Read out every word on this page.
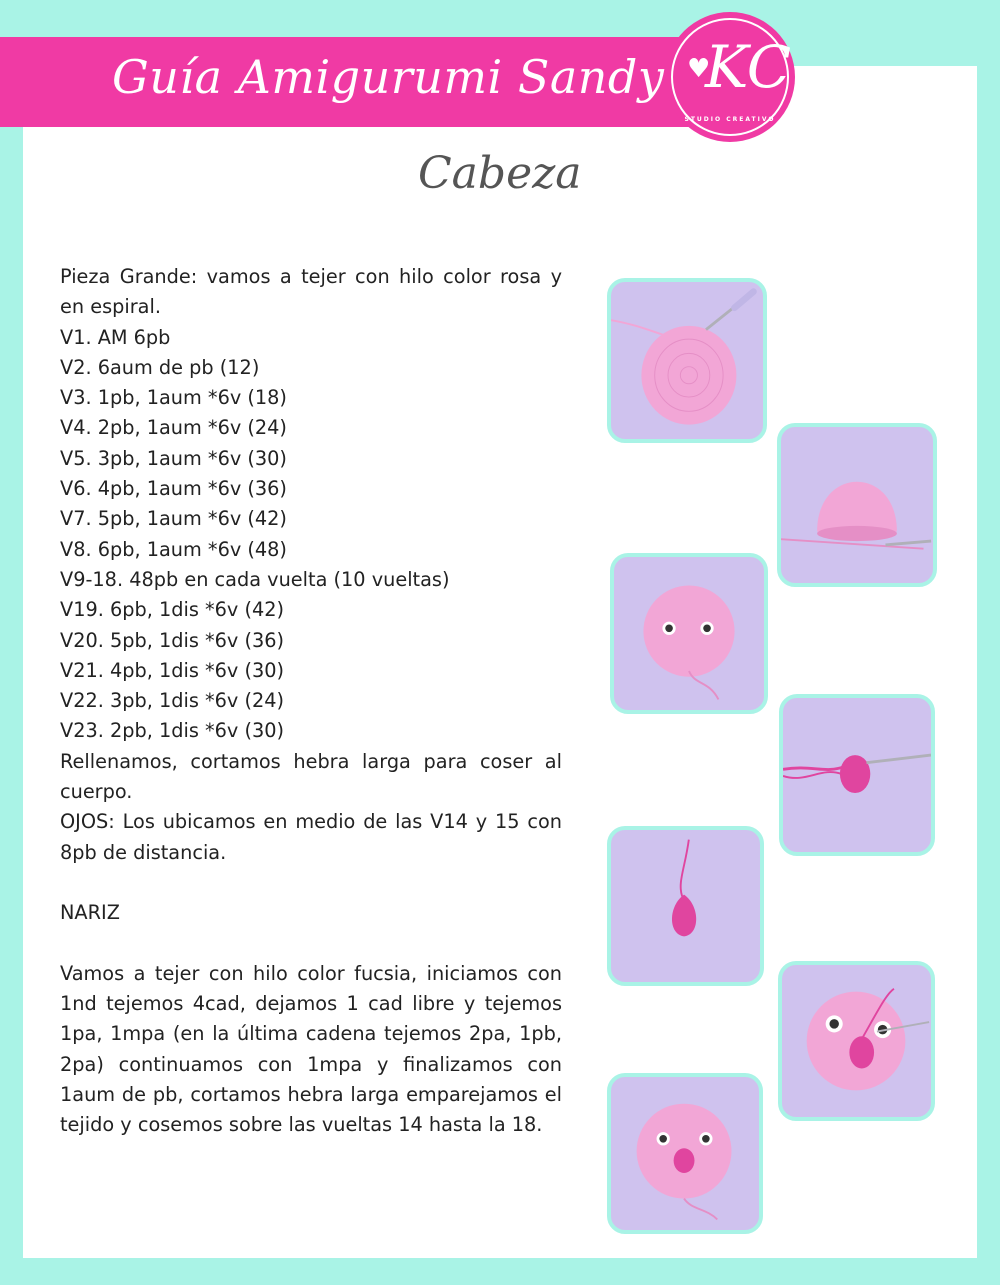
Guía Amigurumi Sandy ♥
KC
STUDIO CREATIVO
Cabeza
Pieza Grande: vamos a tejer con hilo color rosa y en espiral.
V1. AM 6pb
V2. 6aum de pb (12)
V3. 1pb, 1aum *6v (18)
V4. 2pb, 1aum *6v (24)
V5. 3pb, 1aum *6v (30)
V6. 4pb, 1aum *6v (36)
V7. 5pb, 1aum *6v (42)
V8. 6pb, 1aum *6v (48)
V9-18. 48pb en cada vuelta (10 vueltas)
V19. 6pb, 1dis *6v (42)
V20. 5pb, 1dis *6v (36)
V21. 4pb, 1dis *6v (30)
V22. 3pb, 1dis *6v (24)
V23. 2pb, 1dis *6v (30)
Rellenamos, cortamos hebra larga para coser al cuerpo.
OJOS: Los ubicamos en medio de las V14 y 15 con 8pb de distancia.
NARIZ
Vamos a tejer con hilo color fucsia, iniciamos con 1nd tejemos 4cad, dejamos 1 cad libre y tejemos 1pa, 1mpa (en la última cadena tejemos 2pa, 1pb, 2pa) continuamos con 1mpa y finalizamos con 1aum de pb, cortamos hebra larga emparejamos el tejido y cosemos sobre las vueltas 14 hasta la 18.
